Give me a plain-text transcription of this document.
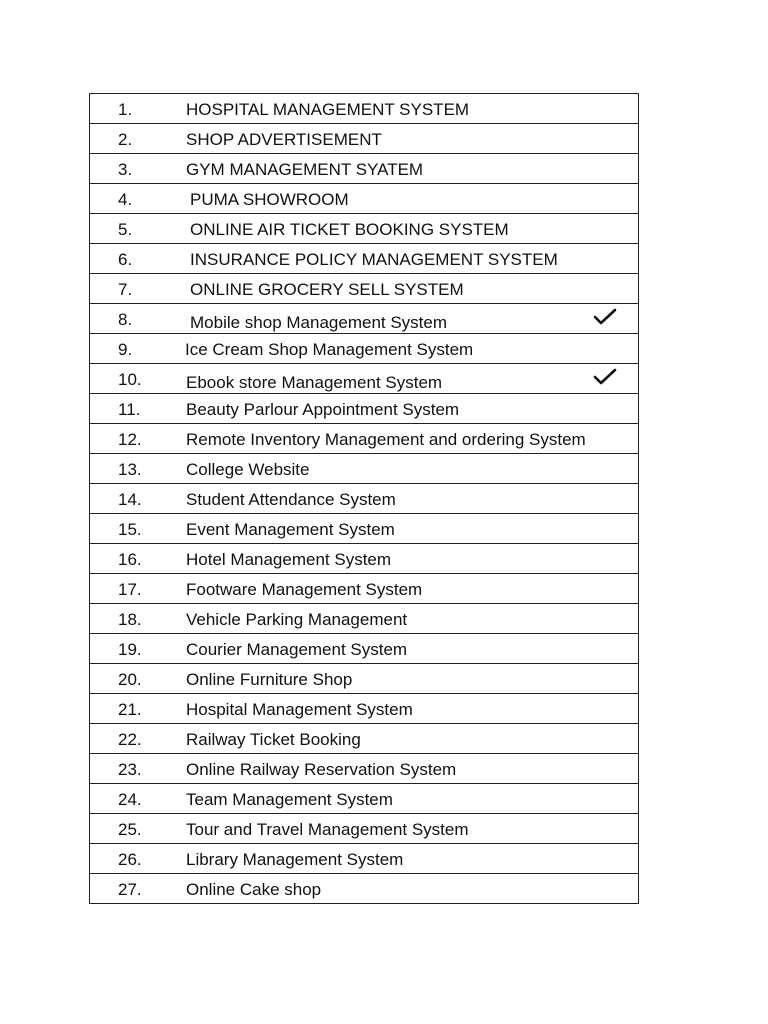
1.	HOSPITAL MANAGEMENT SYSTEM
2.	SHOP ADVERTISEMENT
3.	GYM MANAGEMENT SYATEM
4.	PUMA SHOWROOM
5.	ONLINE AIR TICKET BOOKING SYSTEM
6.	INSURANCE POLICY MANAGEMENT SYSTEM
7.	ONLINE GROCERY SELL SYSTEM
8.	Mobile shop Management System
9.	Ice Cream Shop Management System
10.	Ebook store Management System
11.	Beauty Parlour Appointment System
12.	Remote Inventory Management and ordering System
13.	College Website
14.	Student Attendance System
15.	Event Management System
16.	Hotel Management System
17.	Footware Management System
18.	Vehicle Parking Management
19.	Courier Management System
20.	Online Furniture Shop
21.	Hospital Management System
22.	Railway Ticket Booking
23.	Online Railway Reservation System
24.	Team Management System
25.	Tour and Travel Management System
26.	Library Management System
27.	Online Cake shop
